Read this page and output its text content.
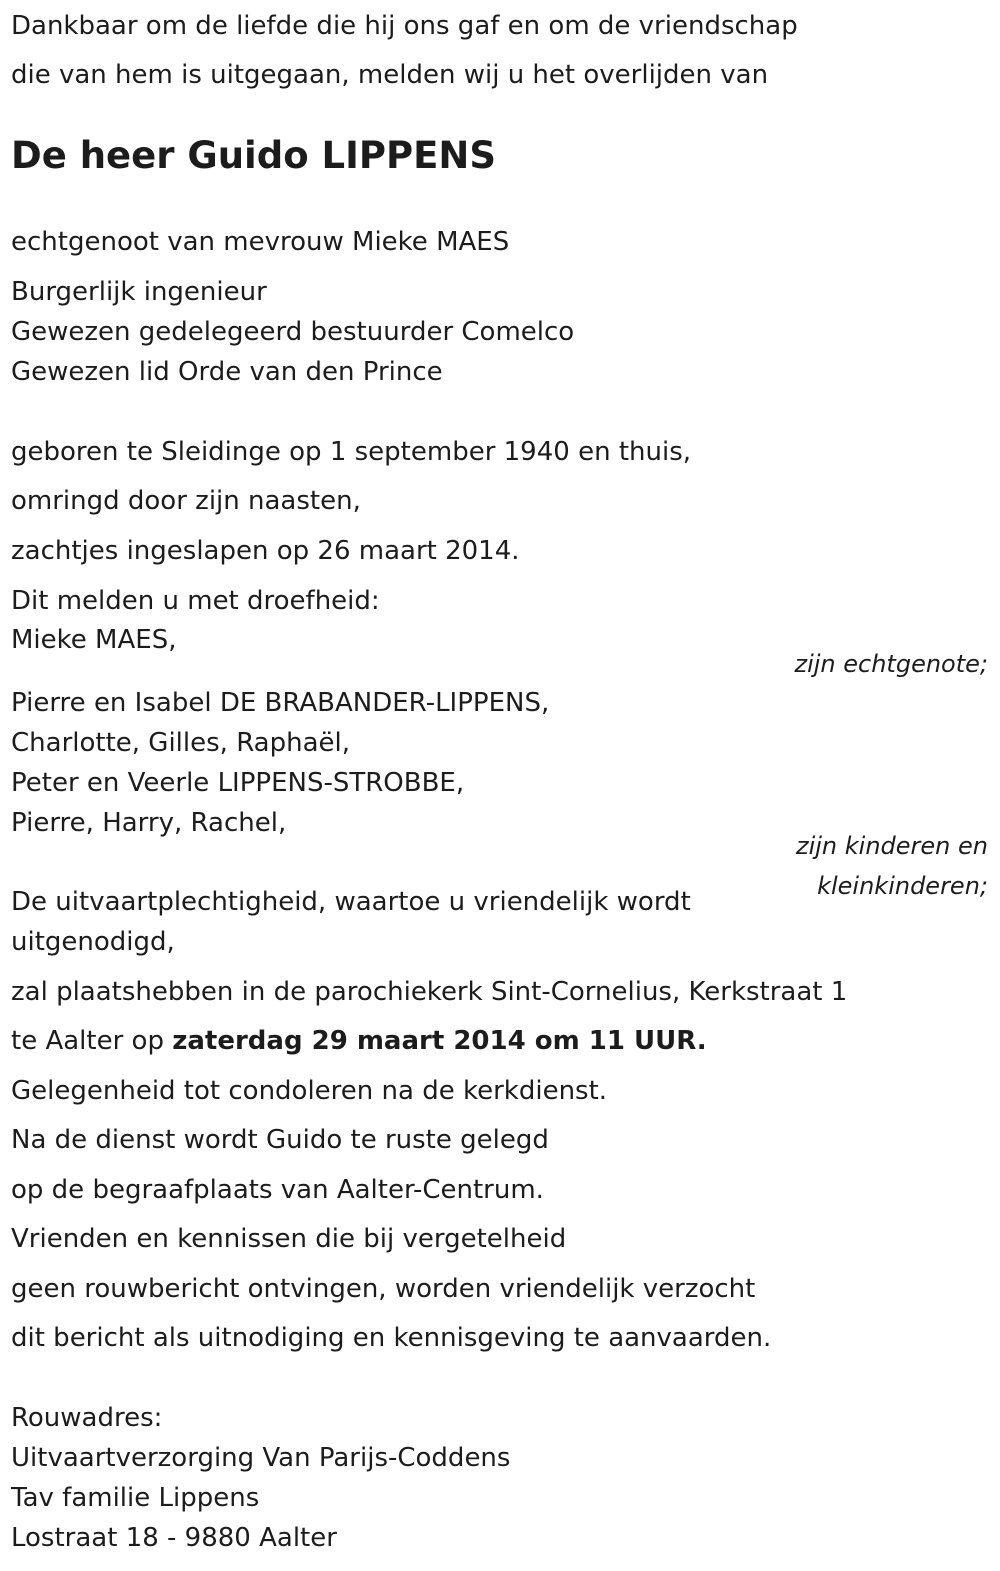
Dankbaar om de liefde die hij ons gaf en om de vriendschap
die van hem is uitgegaan, melden wij u het overlijden van
De heer Guido LIPPENS
echtgenoot van mevrouw Mieke MAES
Burgerlijk ingenieur
Gewezen gedelegeerd bestuurder Comelco
Gewezen lid Orde van den Prince
geboren te Sleidinge op 1 september 1940 en thuis,
omringd door zijn naasten,
zachtjes ingeslapen op 26 maart 2014.
Dit melden u met droefheid:
Mieke MAES,
zijn echtgenote;
Pierre en Isabel DE BRABANDER-LIPPENS,
Charlotte, Gilles, Raphaël,
Peter en Veerle LIPPENS-STROBBE,
Pierre, Harry, Rachel,
zijn kinderen en
kleinkinderen;
De uitvaartplechtigheid, waartoe u vriendelijk wordt
uitgenodigd,
zal plaatshebben in de parochiekerk Sint-Cornelius, Kerkstraat 1
te Aalter op zaterdag 29 maart 2014 om 11 UUR.
Gelegenheid tot condoleren na de kerkdienst.
Na de dienst wordt Guido te ruste gelegd
op de begraafplaats van Aalter-Centrum.
Vrienden en kennissen die bij vergetelheid
geen rouwbericht ontvingen, worden vriendelijk verzocht
dit bericht als uitnodiging en kennisgeving te aanvaarden.
Rouwadres:
Uitvaartverzorging Van Parijs-Coddens
Tav familie Lippens
Lostraat 18 - 9880 Aalter
